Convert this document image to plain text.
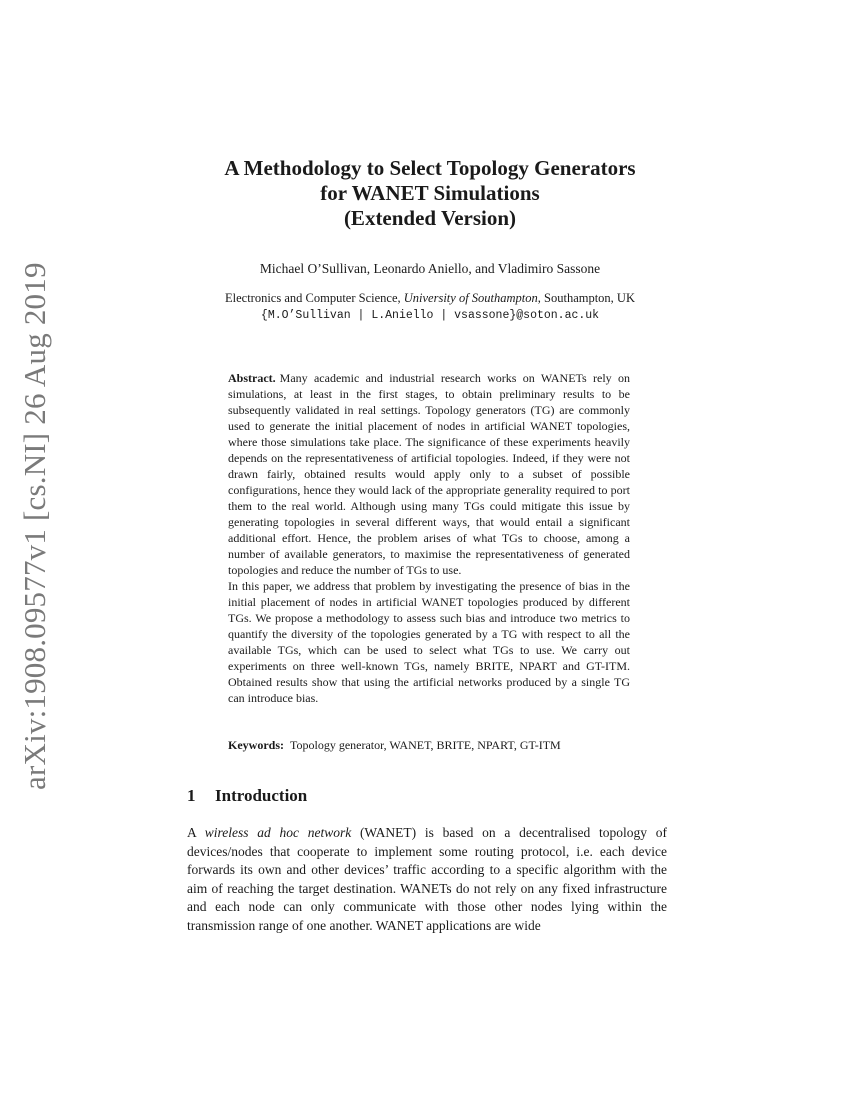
arXiv:1908.09577v1 [cs.NI] 26 Aug 2019
A Methodology to Select Topology Generators
for WANET Simulations
(Extended Version)
Michael O’Sullivan, Leonardo Aniello, and Vladimiro Sassone
Electronics and Computer Science, University of Southampton, Southampton, UK
{M.O’Sullivan | L.Aniello | vsassone}@soton.ac.uk

Abstract. Many academic and industrial research works on WANETs rely on simulations, at least in the first stages, to obtain preliminary results to be subsequently validated in real settings. Topology generators (TG) are commonly used to generate the initial placement of nodes in artificial WANET topologies, where those simulations take place. The significance of these experiments heavily depends on the representativeness of artificial topologies. Indeed, if they were not drawn fairly, obtained results would apply only to a subset of possible configurations, hence they would lack of the appropriate generality required to port them to the real world. Although using many TGs could mitigate this issue by generating topologies in several different ways, that would entail a significant additional effort. Hence, the problem arises of what TGs to choose, among a number of available generators, to maximise the representativeness of generated topologies and reduce the number of TGs to use.

In this paper, we address that problem by investigating the presence of bias in the initial placement of nodes in artificial WANET topologies produced by different TGs. We propose a methodology to assess such bias and introduce two metrics to quantify the diversity of the topologies generated by a TG with respect to all the available TGs, which can be used to select what TGs to use. We carry out experiments on three well-known TGs, namely BRITE, NPART and GT-ITM. Obtained results show that using the artificial networks produced by a single TG can introduce bias.

Keywords: Topology generator, WANET, BRITE, NPART, GT-ITM
1 Introduction

A wireless ad hoc network (WANET) is based on a decentralised topology of devices/nodes that cooperate to implement some routing protocol, i.e. each device forwards its own and other devices’ traffic according to a specific algorithm with the aim of reaching the target destination. WANETs do not rely on any fixed infrastructure and each node can only communicate with those other nodes lying within the transmission range of one another. WANET applications are wide
